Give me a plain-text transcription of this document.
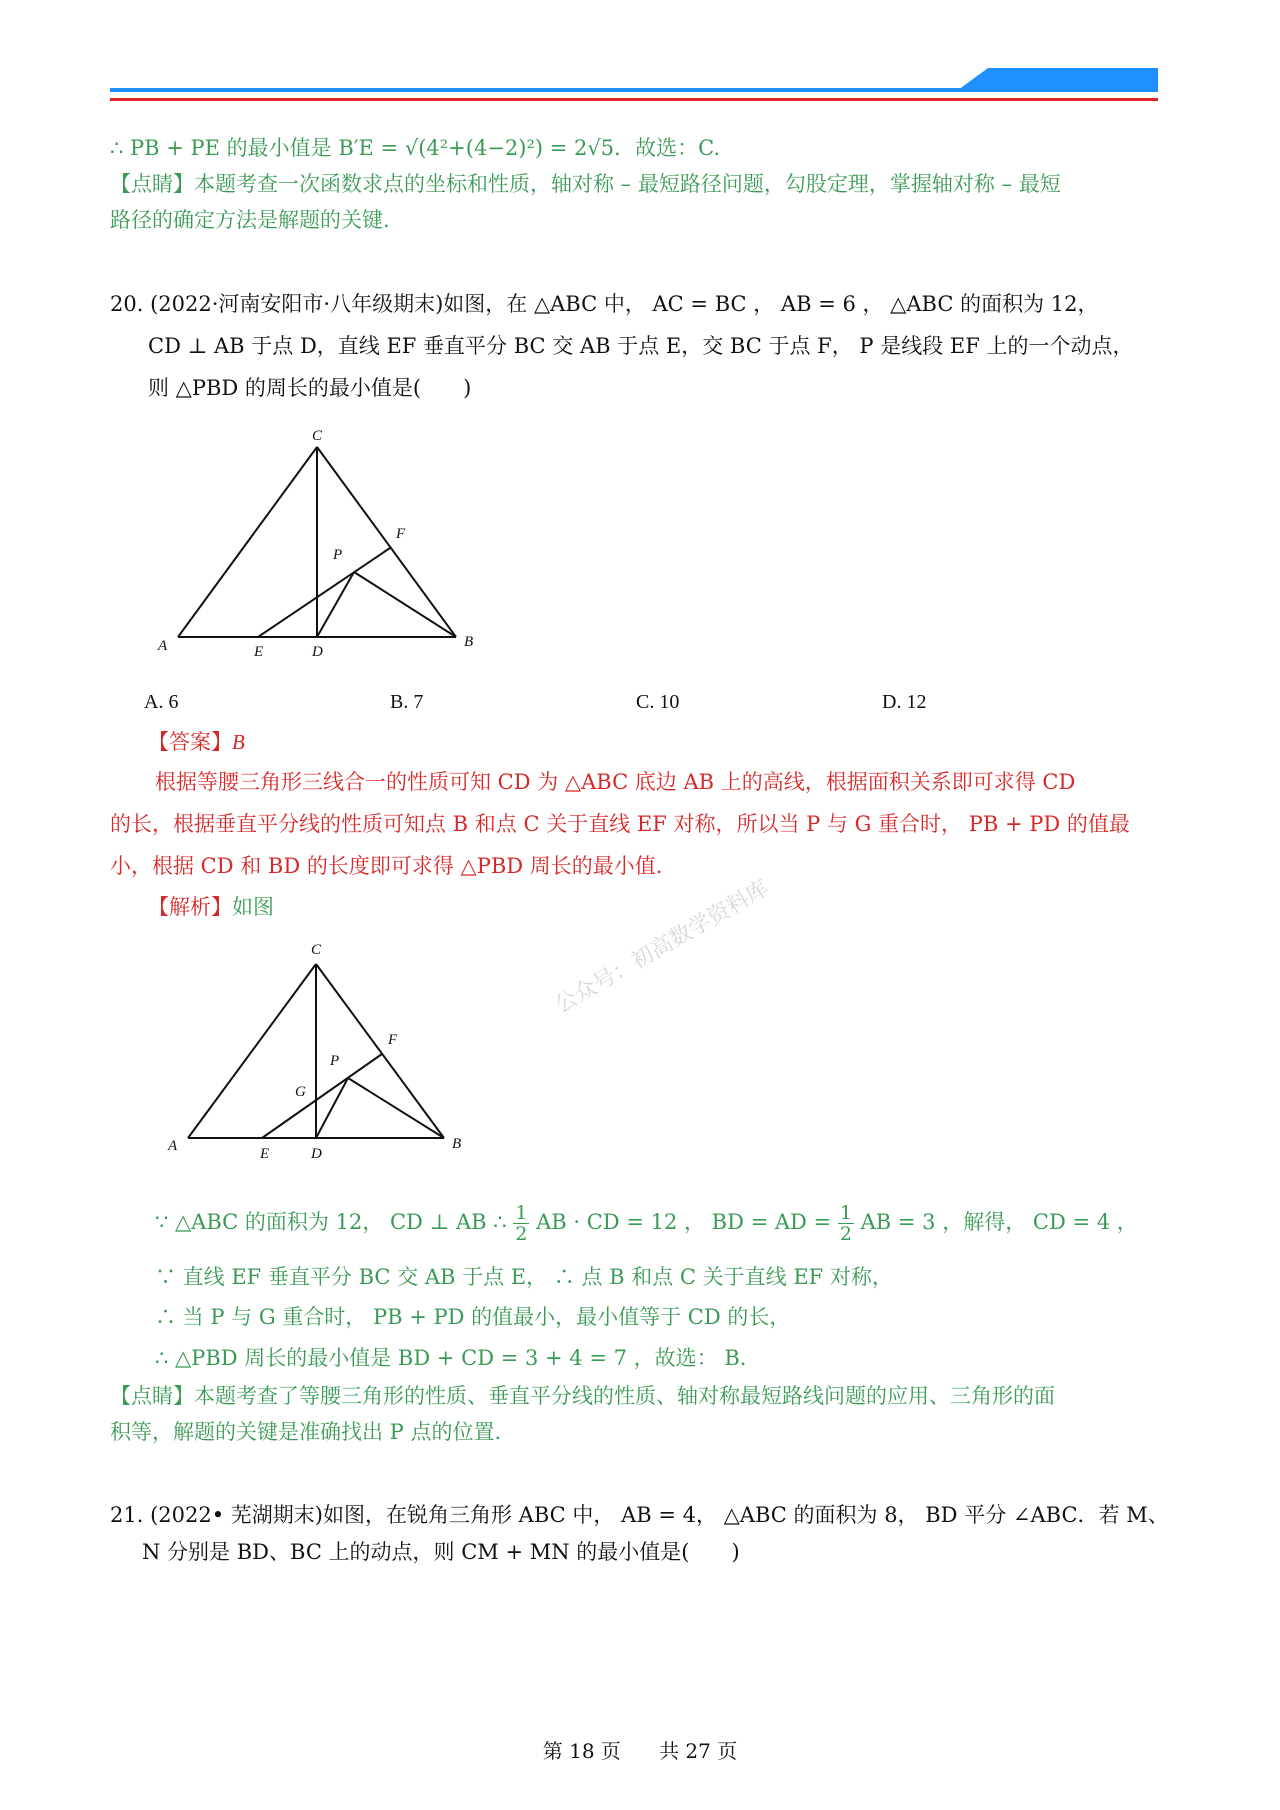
∴ PB + PE 的最小值是 B′E = √(4²+(4−2)²) = 2√5．故选：C.
【点睛】本题考查一次函数求点的坐标和性质，轴对称 – 最短路径问题，勾股定理，掌握轴对称 – 最短
路径的确定方法是解题的关键.
20. (2022·河南安阳市·八年级期末)如图，在 △ABC 中， AC = BC ， AB = 6 ， △ABC 的面积为 12，
CD ⊥ AB 于点 D，直线 EF 垂直平分 BC 交 AB 于点 E，交 BC 于点 F， P 是线段 EF 上的一个动点，
则 △PBD 的周长的最小值是(　　)
C
F
P
A	E	D
B
A. 6	B. 7	C. 10	D. 12
【答案】B
根据等腰三角形三线合一的性质可知 CD 为 △ABC 底边 AB 上的高线，根据面积关系即可求得 CD
的长，根据垂直平分线的性质可知点 B 和点 C 关于直线 EF 对称，所以当 P 与 G 重合时， PB + PD 的值最
小，根据 CD 和 BD 的长度即可求得 △PBD 周长的最小值.
【解析】如图
C
F
P
G
A	E	D
B
∵ △ABC 的面积为 12， CD ⊥ AB ∴ $\frac{1}{2}$ AB · CD = 12 ， BD = AD = $\frac{1}{2}$ AB = 3 ，解得， CD = 4 ，
∵ 直线 EF 垂直平分 BC 交 AB 于点 E， ∴ 点 B 和点 C 关于直线 EF 对称，
∴ 当 P 与 G 重合时， PB + PD 的值最小，最小值等于 CD 的长，
∴ △PBD 周长的最小值是 BD + CD = 3 + 4 = 7 ，故选： B.
【点睛】本题考查了等腰三角形的性质、垂直平分线的性质、轴对称最短路线问题的应用、三角形的面
积等，解题的关键是准确找出 P 点的位置.
21. (2022• 芜湖期末)如图，在锐角三角形 ABC 中， AB = 4， △ABC 的面积为 8， BD 平分 ∠ABC．若 M、
N 分别是 BD、BC 上的动点，则 CM + MN 的最小值是(　　)
公众号：初高数学资料库
第 18 页 共 27 页
